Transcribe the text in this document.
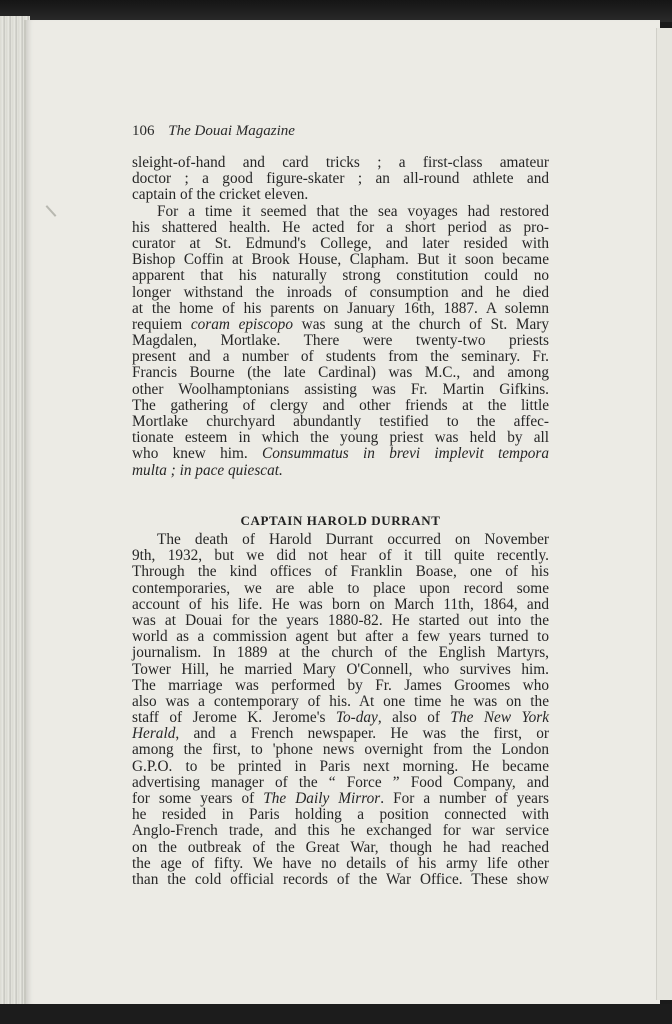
106 The Douai Magazine
sleight-of-hand and card tricks ; a first-class amateur
doctor ; a good figure-skater ; an all-round athlete and
captain of the cricket eleven.
For a time it seemed that the sea voyages had restored
his shattered health. He acted for a short period as pro-
curator at St. Edmund's College, and later resided with
Bishop Coffin at Brook House, Clapham. But it soon became
apparent that his naturally strong constitution could no
longer withstand the inroads of consumption and he died
at the home of his parents on January 16th, 1887. A solemn
requiem coram episcopo was sung at the church of St. Mary
Magdalen, Mortlake. There were twenty-two priests
present and a number of students from the seminary. Fr.
Francis Bourne (the late Cardinal) was M.C., and among
other Woolhamptonians assisting was Fr. Martin Gifkins.
The gathering of clergy and other friends at the little
Mortlake churchyard abundantly testified to the affec-
tionate esteem in which the young priest was held by all
who knew him. Consummatus in brevi implevit tempora
multa ; in pace quiescat.
CAPTAIN HAROLD DURRANT
The death of Harold Durrant occurred on November
9th, 1932, but we did not hear of it till quite recently.
Through the kind offices of Franklin Boase, one of his
contemporaries, we are able to place upon record some
account of his life. He was born on March 11th, 1864, and
was at Douai for the years 1880-82. He started out into the
world as a commission agent but after a few years turned to
journalism. In 1889 at the church of the English Martyrs,
Tower Hill, he married Mary O'Connell, who survives him.
The marriage was performed by Fr. James Groomes who
also was a contemporary of his. At one time he was on the
staff of Jerome K. Jerome's To-day, also of The New York
Herald, and a French newspaper. He was the first, or
among the first, to 'phone news overnight from the London
G.P.O. to be printed in Paris next morning. He became
advertising manager of the “ Force ” Food Company, and
for some years of The Daily Mirror. For a number of years
he resided in Paris holding a position connected with
Anglo-French trade, and this he exchanged for war service
on the outbreak of the Great War, though he had reached
the age of fifty. We have no details of his army life other
than the cold official records of the War Office. These show
